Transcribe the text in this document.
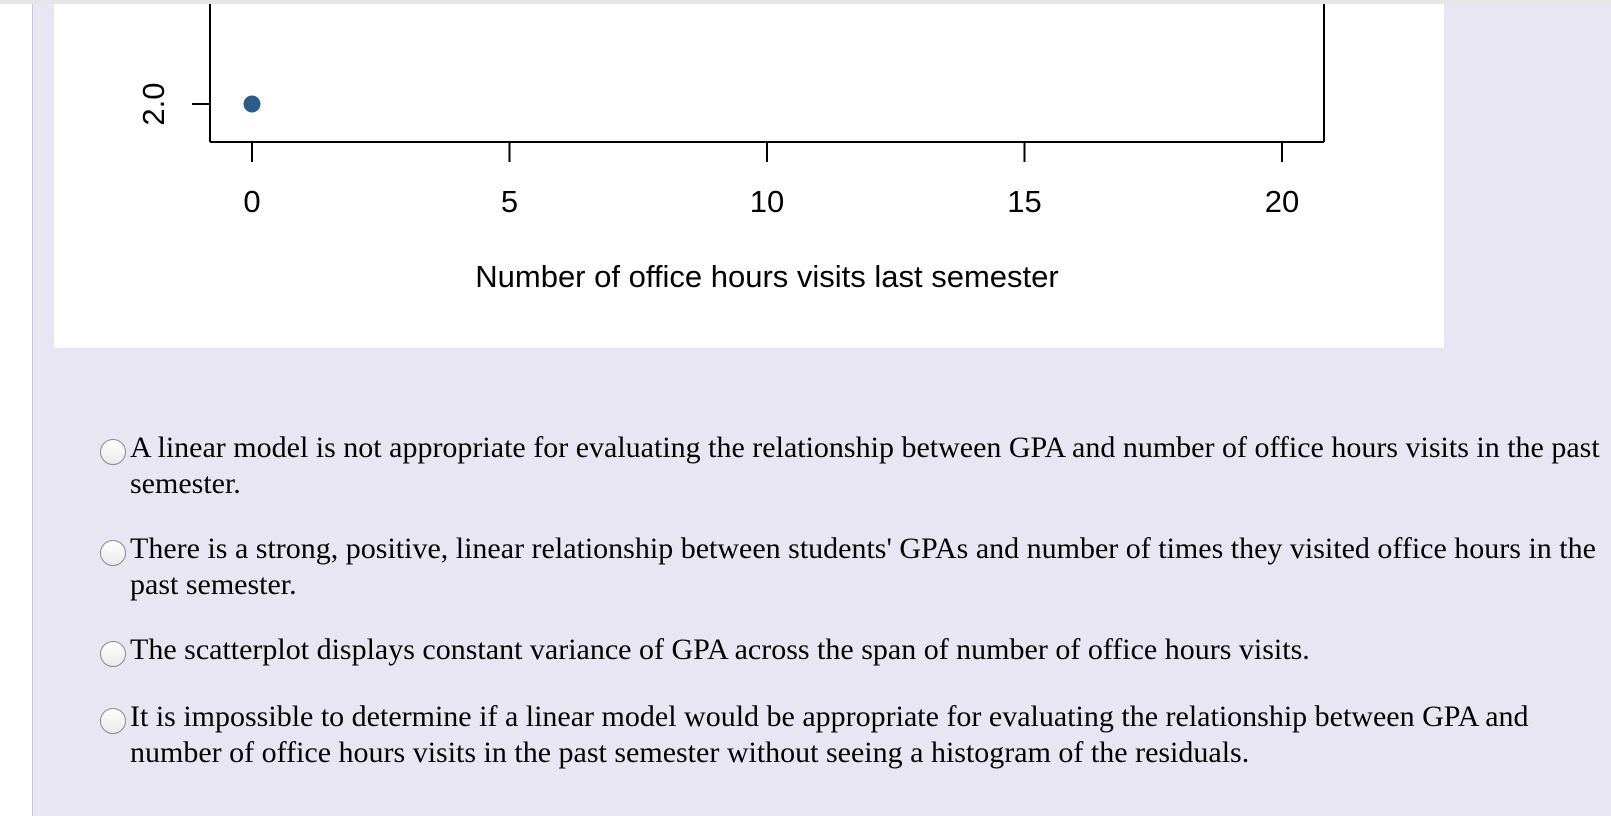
2.0
0	5	10	15	20
Number of office hours visits last semester
A linear model is not appropriate for evaluating the relationship between GPA and number of office hours visits in the past semester.
There is a strong, positive, linear relationship between students' GPAs and number of times they visited office hours in the past semester.
The scatterplot displays constant variance of GPA across the span of number of office hours visits.
It is impossible to determine if a linear model would be appropriate for evaluating the relationship between GPA and number of office hours visits in the past semester without seeing a histogram of the residuals.
